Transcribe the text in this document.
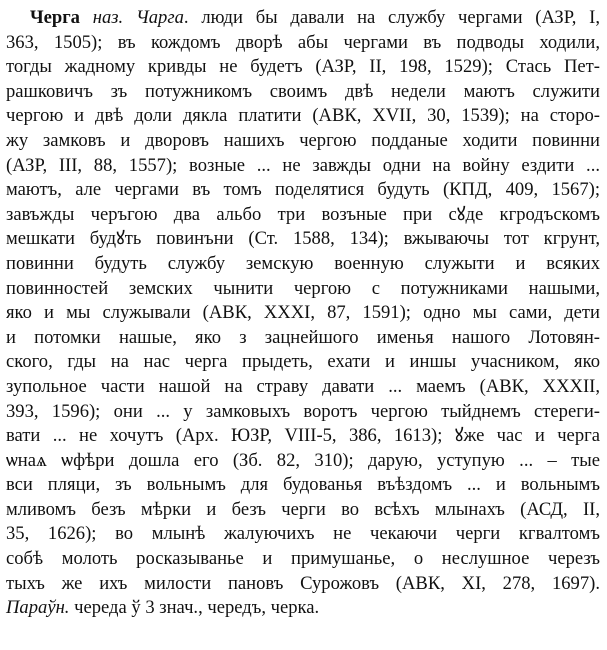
Черга наз. Чарга. люди бы давали на службу чергами (АЗР, І,
363, 1505); въ кождомъ дворѣ абы чергами въ подводы ходили,
тогды жадному кривды не будетъ (АЗР, ІІ, 198, 1529); Стась Пет-
рашковичъ зъ потужникомъ своимъ двѣ недели маютъ служити
чергою и двѣ доли дякла платити (АВК, XVII, 30, 1539); на сторо-
жу замковъ и дворовъ нашихъ чергою подданые ходити повинни
(АЗР, ІІІ, 88, 1557); возные ... не завжды одни на войну ездити ...
маютъ, але чергами въ томъ поделятися будуть (КПД, 409, 1567);
завъжды черъгою два альбо три возъные при сꙋде кгродъскомъ
мешкати будꙋть повинъни (Ст. 1588, 134); вжываючы тот кгрунт,
повинни будуть службу земскую военную служыти и всяких
повинностей земских чынити чергою с потужниками нашыми,
яко и мы служывали (АВК, XXXI, 87, 1591); одно мы сами, дети
и потомки нашые, яко з зацнейшого именья нашого Лотовян-
ского, гды на нас черга прыдеть, ехати и иншы учасником, яко
зупольное части нашой на страву давати ... маемъ (АВК, XXXII,
393, 1596); они ... у замковыхъ воротъ чергою тыйднемъ стереги-
вати ... не хочутъ (Арх. ЮЗР, VIII-5, 386, 1613); ꙋже час и черга
ѡнаѧ ѡфѣри дошла его (Зб. 82, 310); дарую, уступую ... – тые
вси пляци, зъ вольнымъ для будованья въѣздомъ ... и вольнымъ
мливомъ безъ мѣрки и безъ черги во всѣхъ млынахъ (АСД, ІІ,
35, 1626); во млынѣ жалуючихъ не чекаючи черги кгвалтомъ
собѣ молоть росказыванье и примушанье, о неслушное черезъ
тыхъ же ихъ милости пановъ Сурожовъ (АВК, XI, 278, 1697).
Параўн. череда ў 3 знач., чередъ, черка.
